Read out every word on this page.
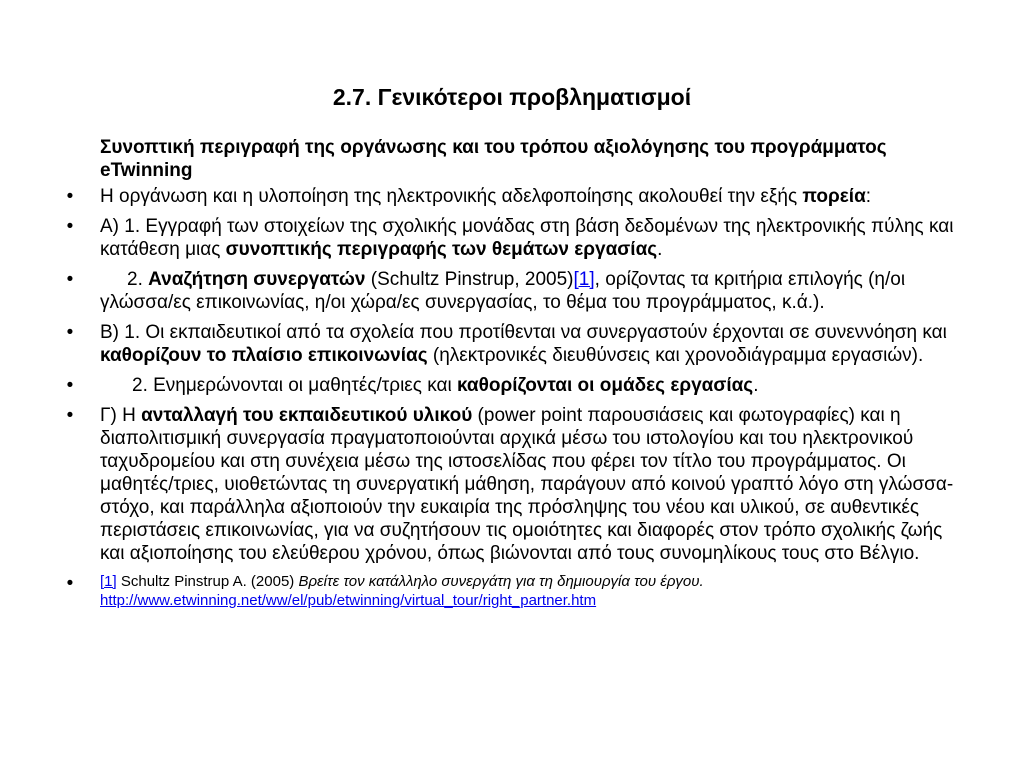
2.7. Γενικότεροι προβληματισμοί
Συνοπτική περιγραφή της οργάνωσης και του τρόπου αξιολόγησης του προγράμματος eTwinning
•	Η οργάνωση και η υλοποίηση της ηλεκτρονικής αδελφοποίησης ακολουθεί την εξής πορεία:
•	Α) 1. Εγγραφή των στοιχείων της σχολικής μονάδας στη βάση δεδομένων της ηλεκτρονικής πύλης και κατάθεση μιας συνοπτικής περιγραφής των θεμάτων εργασίας.
•	2. Αναζήτηση συνεργατών (Schultz Pinstrup, 2005)[1], ορίζοντας τα κριτήρια επιλογής (η/οι γλώσσα/ες επικοινωνίας, η/οι χώρα/ες συνεργασίας, το θέμα του προγράμματος, κ.ά.).
•	Β) 1. Οι εκπαιδευτικοί από τα σχολεία που προτίθενται να συνεργαστούν έρχονται σε συνεννόηση και καθορίζουν το πλαίσιο επικοινωνίας (ηλεκτρονικές διευθύνσεις και χρονοδιάγραμμα εργασιών).
•	2. Ενημερώνονται οι μαθητές/τριες και καθορίζονται οι ομάδες εργασίας.
•	Γ) Η ανταλλαγή του εκπαιδευτικού υλικού (power point παρουσιάσεις και φωτογραφίες) και η διαπολιτισμική συνεργασία πραγματοποιούνται αρχικά μέσω του ιστολογίου και του ηλεκτρονικού ταχυδρομείου και στη συνέχεια μέσω της ιστοσελίδας που φέρει τον τίτλο του προγράμματος. Οι μαθητές/τριες, υιοθετώντας τη συνεργατική μάθηση, παράγουν από κοινού γραπτό λόγο στη γλώσσα-στόχο, και παράλληλα αξιοποιούν την ευκαιρία της πρόσληψης του νέου και υλικού, σε αυθεντικές περιστάσεις επικοινωνίας, για να συζητήσουν τις ομοιότητες και διαφορές στον τρόπο σχολικής ζωής και αξιοποίησης του ελεύθερου χρόνου, όπως βιώνονται από τους συνομηλίκους τους στο Βέλγιο.
•	[1] Schultz Pinstrup A. (2005) Βρείτε τον κατάλληλο συνεργάτη για τη δημιουργία του έργου.
http://www.etwinning.net/ww/el/pub/etwinning/virtual_tour/right_partner.htm
